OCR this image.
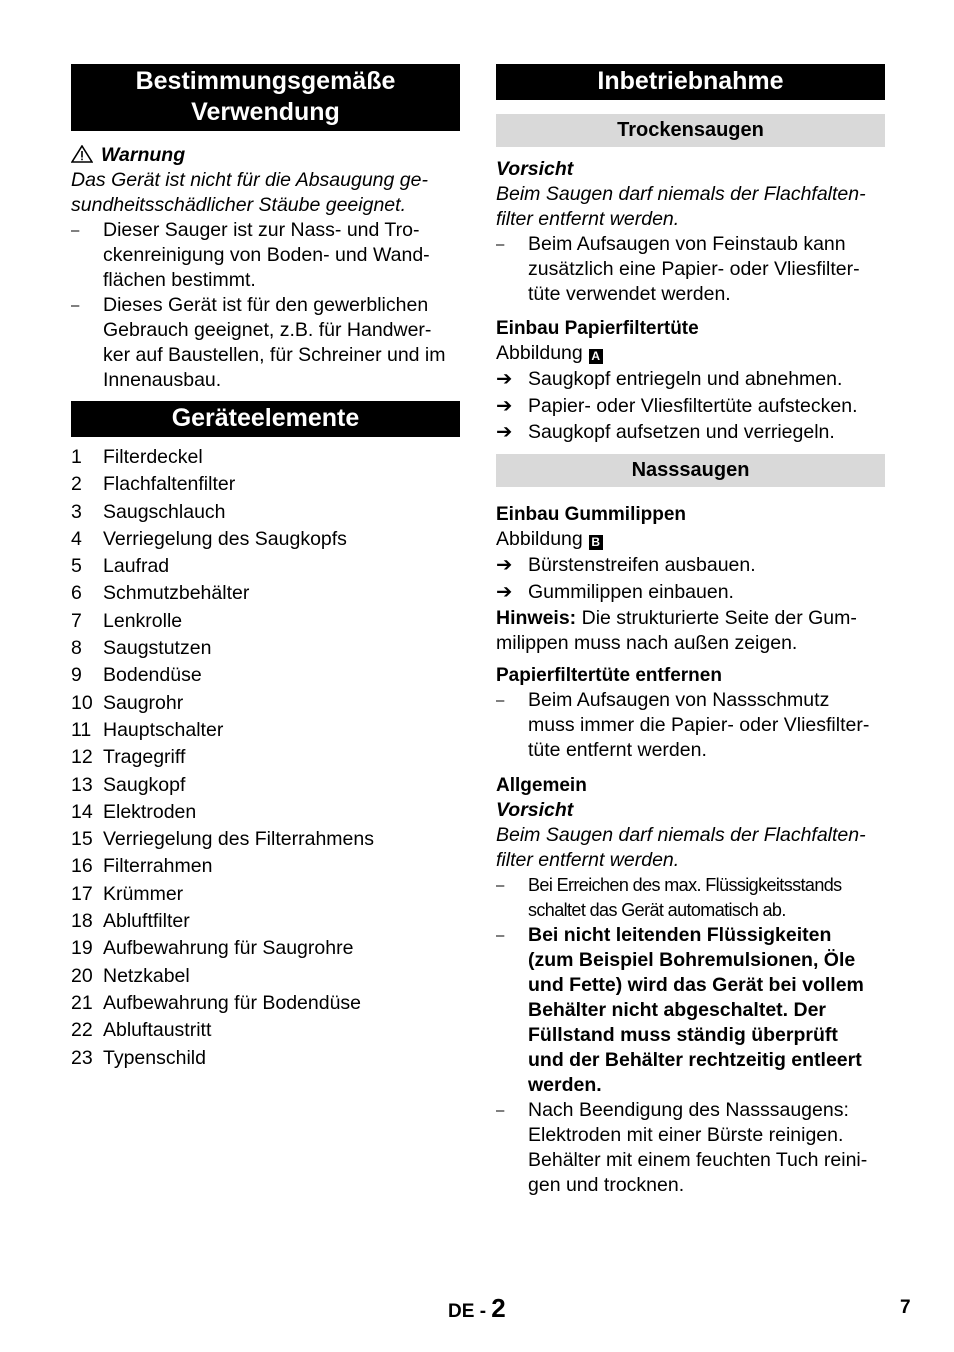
Bestimmungsgemäße
Verwendung
Warnung
Das Gerät ist nicht für die Absaugung ge-
sundheitsschädlicher Stäube geeignet.
–	Dieser Sauger ist zur Nass- und Tro-
ckenreinigung von Boden- und Wand-
flächen bestimmt.
–	Dieses Gerät ist für den gewerblichen
Gebrauch geeignet, z.B. für Handwer-
ker auf Baustellen, für Schreiner und im
Innenausbau.
Geräteelemente
1	Filterdeckel
2	Flachfaltenfilter
3	Saugschlauch
4	Verriegelung des Saugkopfs
5	Laufrad
6	Schmutzbehälter
7	Lenkrolle
8	Saugstutzen
9	Bodendüse
10 Saugrohr
11 Hauptschalter
12 Tragegriff
13 Saugkopf
14 Elektroden
15 Verriegelung des Filterrahmens
16 Filterrahmen
17 Krümmer
18 Abluftfilter
19 Aufbewahrung für Saugrohre
20 Netzkabel
21 Aufbewahrung für Bodendüse
22 Abluftaustritt
23 Typenschild
Inbetriebnahme
Trockensaugen
Vorsicht
Beim Saugen darf niemals der Flachfalten-
filter entfernt werden.
–	Beim Aufsaugen von Feinstaub kann
zusätzlich eine Papier- oder Vliesfilter-
tüte verwendet werden.
Einbau Papierfiltertüte
Abbildung A
➔ Saugkopf entriegeln und abnehmen.
➔ Papier- oder Vliesfiltertüte aufstecken.
➔ Saugkopf aufsetzen und verriegeln.
Nasssaugen
Einbau Gummilippen
Abbildung B
➔ Bürstenstreifen ausbauen.
➔ Gummilippen einbauen.
Hinweis: Die strukturierte Seite der Gum-
milippen muss nach außen zeigen.
Papierfiltertüte entfernen
–	Beim Aufsaugen von Nassschmutz
muss immer die Papier- oder Vliesfilter-
tüte entfernt werden.
Allgemein
Vorsicht
Beim Saugen darf niemals der Flachfalten-
filter entfernt werden.
–	Bei Erreichen des max. Flüssigkeitsstands
schaltet das Gerät automatisch ab.
–	Bei nicht leitenden Flüssigkeiten
(zum Beispiel Bohremulsionen, Öle
und Fette) wird das Gerät bei vollem
Behälter nicht abgeschaltet. Der
Füllstand muss ständig überprüft
und der Behälter rechtzeitig entleert
werden.
–	Nach Beendigung des Nasssaugens:
Elektroden mit einer Bürste reinigen.
Behälter mit einem feuchten Tuch reini-
gen und trocknen.
DE - 2	7
